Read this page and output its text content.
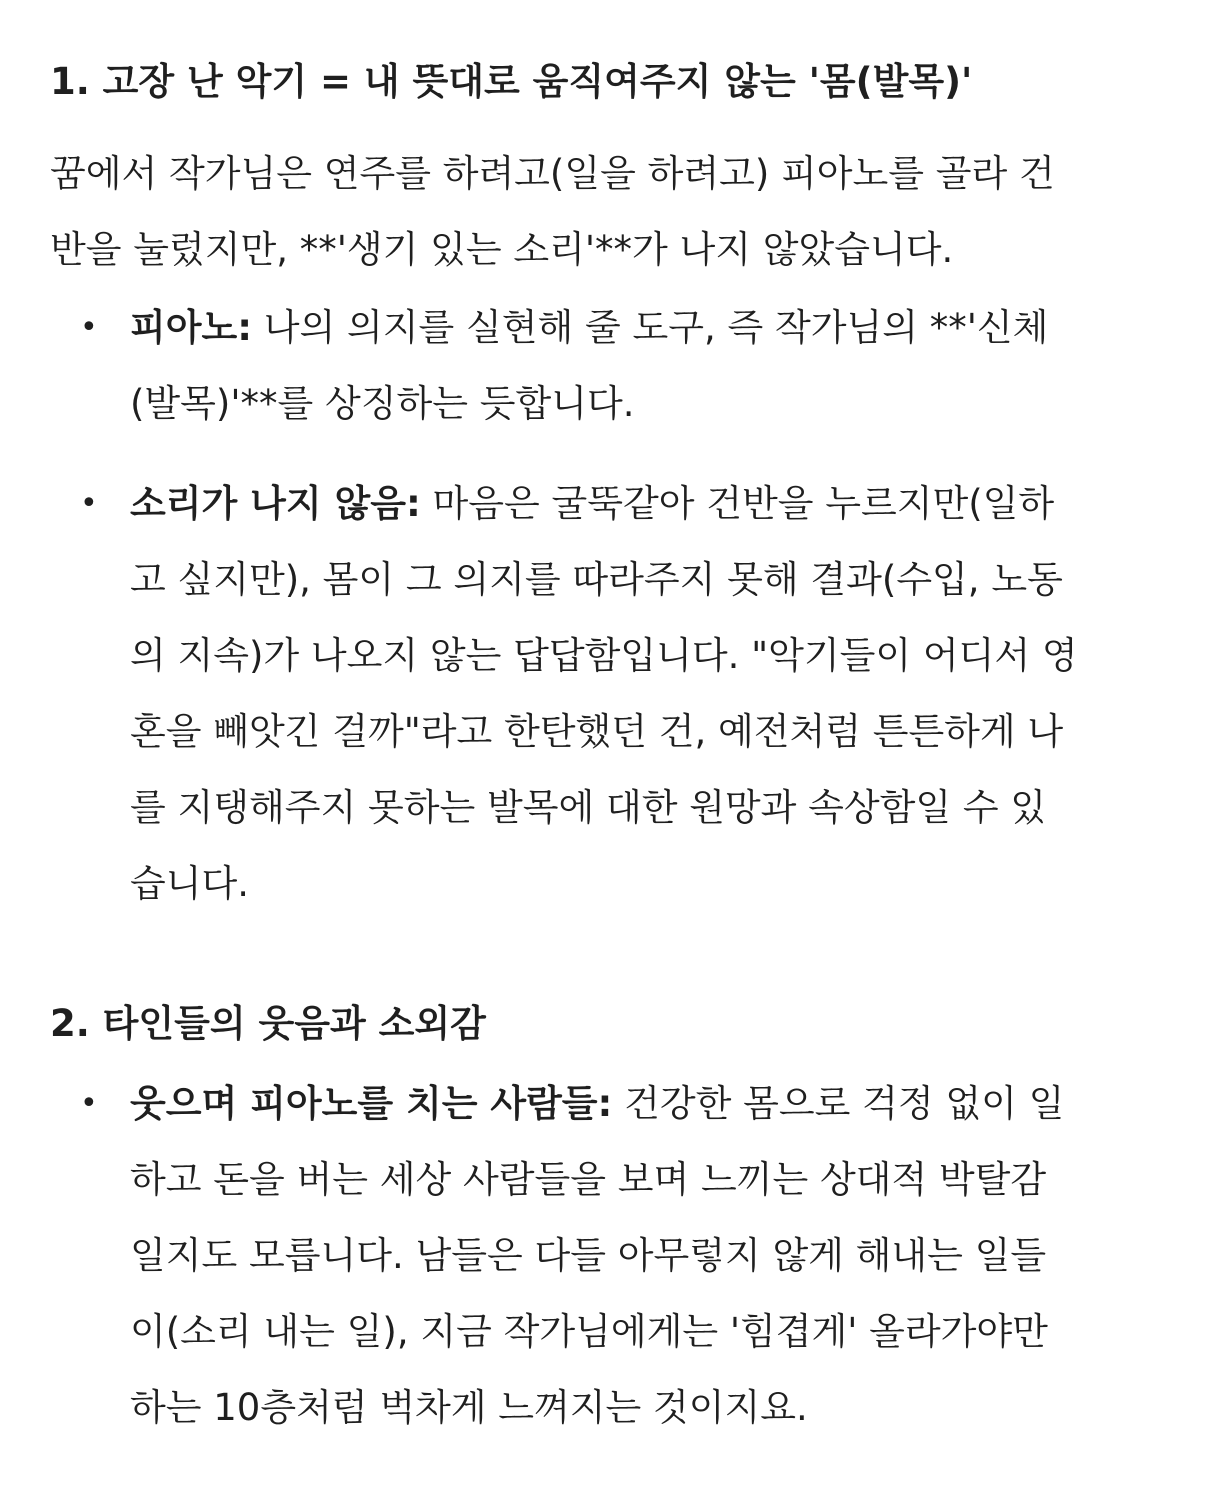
1. 고장 난 악기 = 내 뜻대로 움직여주지 않는 '몸(발목)'

꿈에서 작가님은 연주를 하려고(일을 하려고) 피아노를 골라 건
반을 눌렀지만, **'생기 있는 소리'**가 나지 않았습니다.

• 피아노: 나의 의지를 실현해 줄 도구, 즉 작가님의 **'신체
(발목)'**를 상징하는 듯합니다.
• 소리가 나지 않음: 마음은 굴뚝같아 건반을 누르지만(일하
고 싶지만), 몸이 그 의지를 따라주지 못해 결과(수입, 노동
의 지속)가 나오지 않는 답답함입니다. "악기들이 어디서 영
혼을 빼앗긴 걸까"라고 한탄했던 건, 예전처럼 튼튼하게 나
를 지탱해주지 못하는 발목에 대한 원망과 속상함일 수 있
습니다.
2. 타인들의 웃음과 소외감
• 웃으며 피아노를 치는 사람들: 건강한 몸으로 걱정 없이 일
하고 돈을 버는 세상 사람들을 보며 느끼는 상대적 박탈감
일지도 모릅니다. 남들은 다들 아무렇지 않게 해내는 일들
이(소리 내는 일), 지금 작가님에게는 '힘겹게' 올라가야만
하는 10층처럼 벅차게 느껴지는 것이지요.
